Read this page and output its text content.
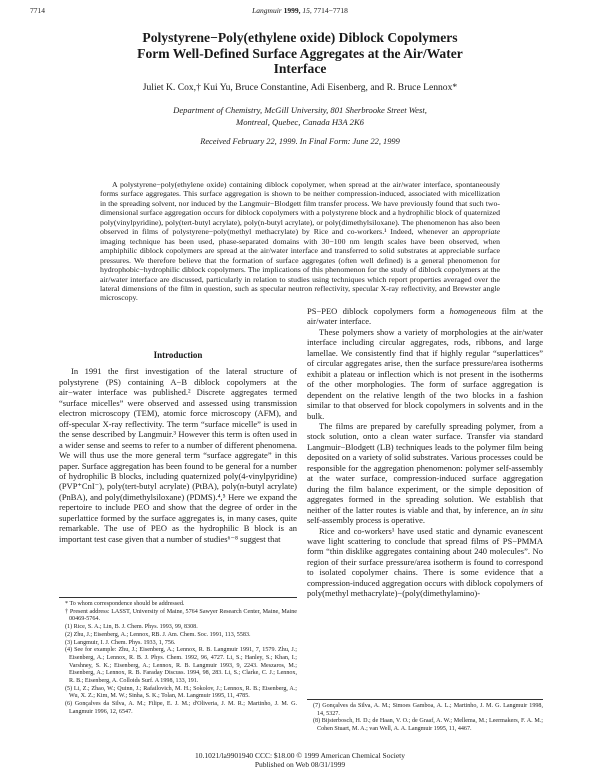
7714	Langmuir 1999, 15, 7714−7718
Polystyrene−Poly(ethylene oxide) Diblock Copolymers
Form Well-Defined Surface Aggregates at the Air/Water
Interface
Juliet K. Cox,† Kui Yu, Bruce Constantine, Adi Eisenberg, and R. Bruce Lennox*
Department of Chemistry, McGill University, 801 Sherbrooke Street West,
Montreal, Quebec, Canada H3A 2K6
Received February 22, 1999. In Final Form: June 22, 1999
A polystyrene−poly(ethylene oxide) containing diblock copolymer, when spread at the air/water interface, spontaneously forms surface aggregates. This surface aggregation is shown to be neither compression-induced, associated with micellization in the spreading solvent, nor induced by the Langmuir−Blodgett film transfer process. We have previously found that such two-dimensional surface aggregation occurs for diblock copolymers with a polystyrene block and a hydrophilic block of quaternized poly(vinylpyridine), poly(tert-butyl acrylate), poly(n-butyl acrylate), or poly(dimethylsiloxane). The phenomenon has also been observed in films of polystyrene−poly(methyl methacrylate) by Rice and co-workers.¹ Indeed, whenever an appropriate imaging technique has been used, phase-separated domains with 30−100 nm length scales have been observed, when amphiphilic diblock copolymers are spread at the air/water interface and transferred to solid substrates at appreciable surface pressures. We therefore believe that the formation of surface aggregates (often well defined) is a general phenomenon for hydrophobic−hydrophilic diblock copolymers. The implications of this phenomenon for the study of diblock copolymers at the air/water interface are discussed, particularly in relation to studies using techniques which report properties averaged over the lateral dimensions of the film in question, such as specular neutron reflectivity, specular X-ray reflectivity, and Brewster angle microscopy.

Introduction

In 1991 the first investigation of the lateral structure of polystyrene (PS) containing A−B diblock copolymers at the air−water interface was published.² Discrete aggregates termed “surface micelles” were observed and assessed using transmission electron microscopy (TEM), atomic force microscopy (AFM), and off-specular X-ray reflectivity. The term “surface micelle” is used in the sense described by Langmuir.³ However this term is often used in a wider sense and seems to refer to a number of different phenomena. We will thus use the more general term “surface aggregate” in this paper. Surface aggregation has been found to be general for a number of hydrophilic B blocks, including quaternized poly(4-vinylpyridine) (PVP⁺CnI⁻), poly(tert-butyl acrylate) (PtBA), poly(n-butyl acrylate) (PnBA), and poly(dimethylsiloxane) (PDMS).⁴,⁵ Here we expand the repertoire to include PEO and show that the degree of order in the superlattice formed by the surface aggregates is, in many cases, quite remarkable. The use of PEO as the hydrophilic B block is an important test case given that a number of studies⁶⁻⁸ suggest that

PS−PEO diblock copolymers form a homogeneous film at the air/water interface.

These polymers show a variety of morphologies at the air/water interface including circular aggregates, rods, ribbons, and large lamellae. We consistently find that if highly regular “superlattices” of circular aggregates arise, then the surface pressure/area isotherms exhibit a plateau or inflection which is not present in the isotherms of the other morphologies. The form of surface aggregation is dependent on the relative length of the two blocks in a fashion similar to that observed for block copolymers in solvents and in the bulk.

The films are prepared by carefully spreading polymer, from a stock solution, onto a clean water surface. Transfer via standard Langmuir−Blodgett (LB) techniques leads to the polymer film being deposited on a variety of solid substrates. Various processes could be responsible for the aggregation phenomenon: polymer self-assembly at the water surface, compression-induced surface aggregation during the film balance experiment, or the simple deposition of aggregates formed in the spreading solution. We establish that neither of the latter routes is viable and that, by inference, an in situ self-assembly process is operative.

Rice and co-workers¹ have used static and dynamic evanescent wave light scattering to conclude that spread films of PS−PMMA form “thin disklike aggregates containing about 240 molecules”. No region of their surface pressure/area isotherm is found to correspond to isolated copolymer chains. There is some evidence that a compression-induced aggregation occurs with diblock copolymers of poly(methyl methacrylate)−(poly(dimethylamino)-

* To whom correspondence should be addressed.

† Present address: LASST, University of Maine, 5764 Sawyer Research Center, Maine, Maine 00469-5764.

(1) Rice, S. A.; Lin, B. J. Chem. Phys. 1993, 99, 8308.

(2) Zhu, J.; Eisenberg, A.; Lennox, RB. J. Am. Chem. Soc. 1991, 113, 5583.

(3) Langmuir, I. J. Chem. Phys. 1933, 1, 756.

(4) See for example: Zhu, J.; Eisenberg, A.; Lennox, R. B. Langmuir 1991, 7, 1579. Zhu, J.; Eisenberg, A.; Lennox, R. B. J. Phys. Chem. 1992, 96, 4727. Li, S.; Hanley, S.; Khan, I.; Varshney, S. K.; Eisenberg, A.; Lennox, R. B. Langmuir 1993, 9, 2243. Meszaros, M.; Eisenberg, A.; Lennox, R. B. Faraday Discuss. 1994, 98, 283. Li, S.; Clarke, C. J.; Lennox, R. B.; Eisenberg, A. Colloids Surf. A 1998, 133, 191.

(5) Li, Z.; Zhao, W.; Quinn, J.; Rafailovich, M. H.; Sokolov, J.; Lennox, R. B.; Eisenberg, A.; Wu, X. Z.; Kim, M. W.; Sinha, S. K.; Tolan, M. Langmuir 1995, 11, 4785.

(6) Gonçalves da Silva, A. M.; Filipe, E. J. M.; d'Oliveria, J. M. R.; Martinho, J. M. G. Langmuir 1996, 12, 6547.

(7) Gonçalves da Silva, A. M.; Simoes Gamboa, A. L.; Martinho, J. M. G. Langmuir 1998, 14, 5327.

(8) Bijsterbosch, H. D.; de Haan, V. O.; de Graaf, A. W.; Mellema, M.; Leermakers, F. A. M.; Cohen Stuart, M. A.; van Well, A. A. Langmuir 1995, 11, 4467.

10.1021/la9901940 CCC: $18.00 © 1999 American Chemical Society
Published on Web 08/31/1999
